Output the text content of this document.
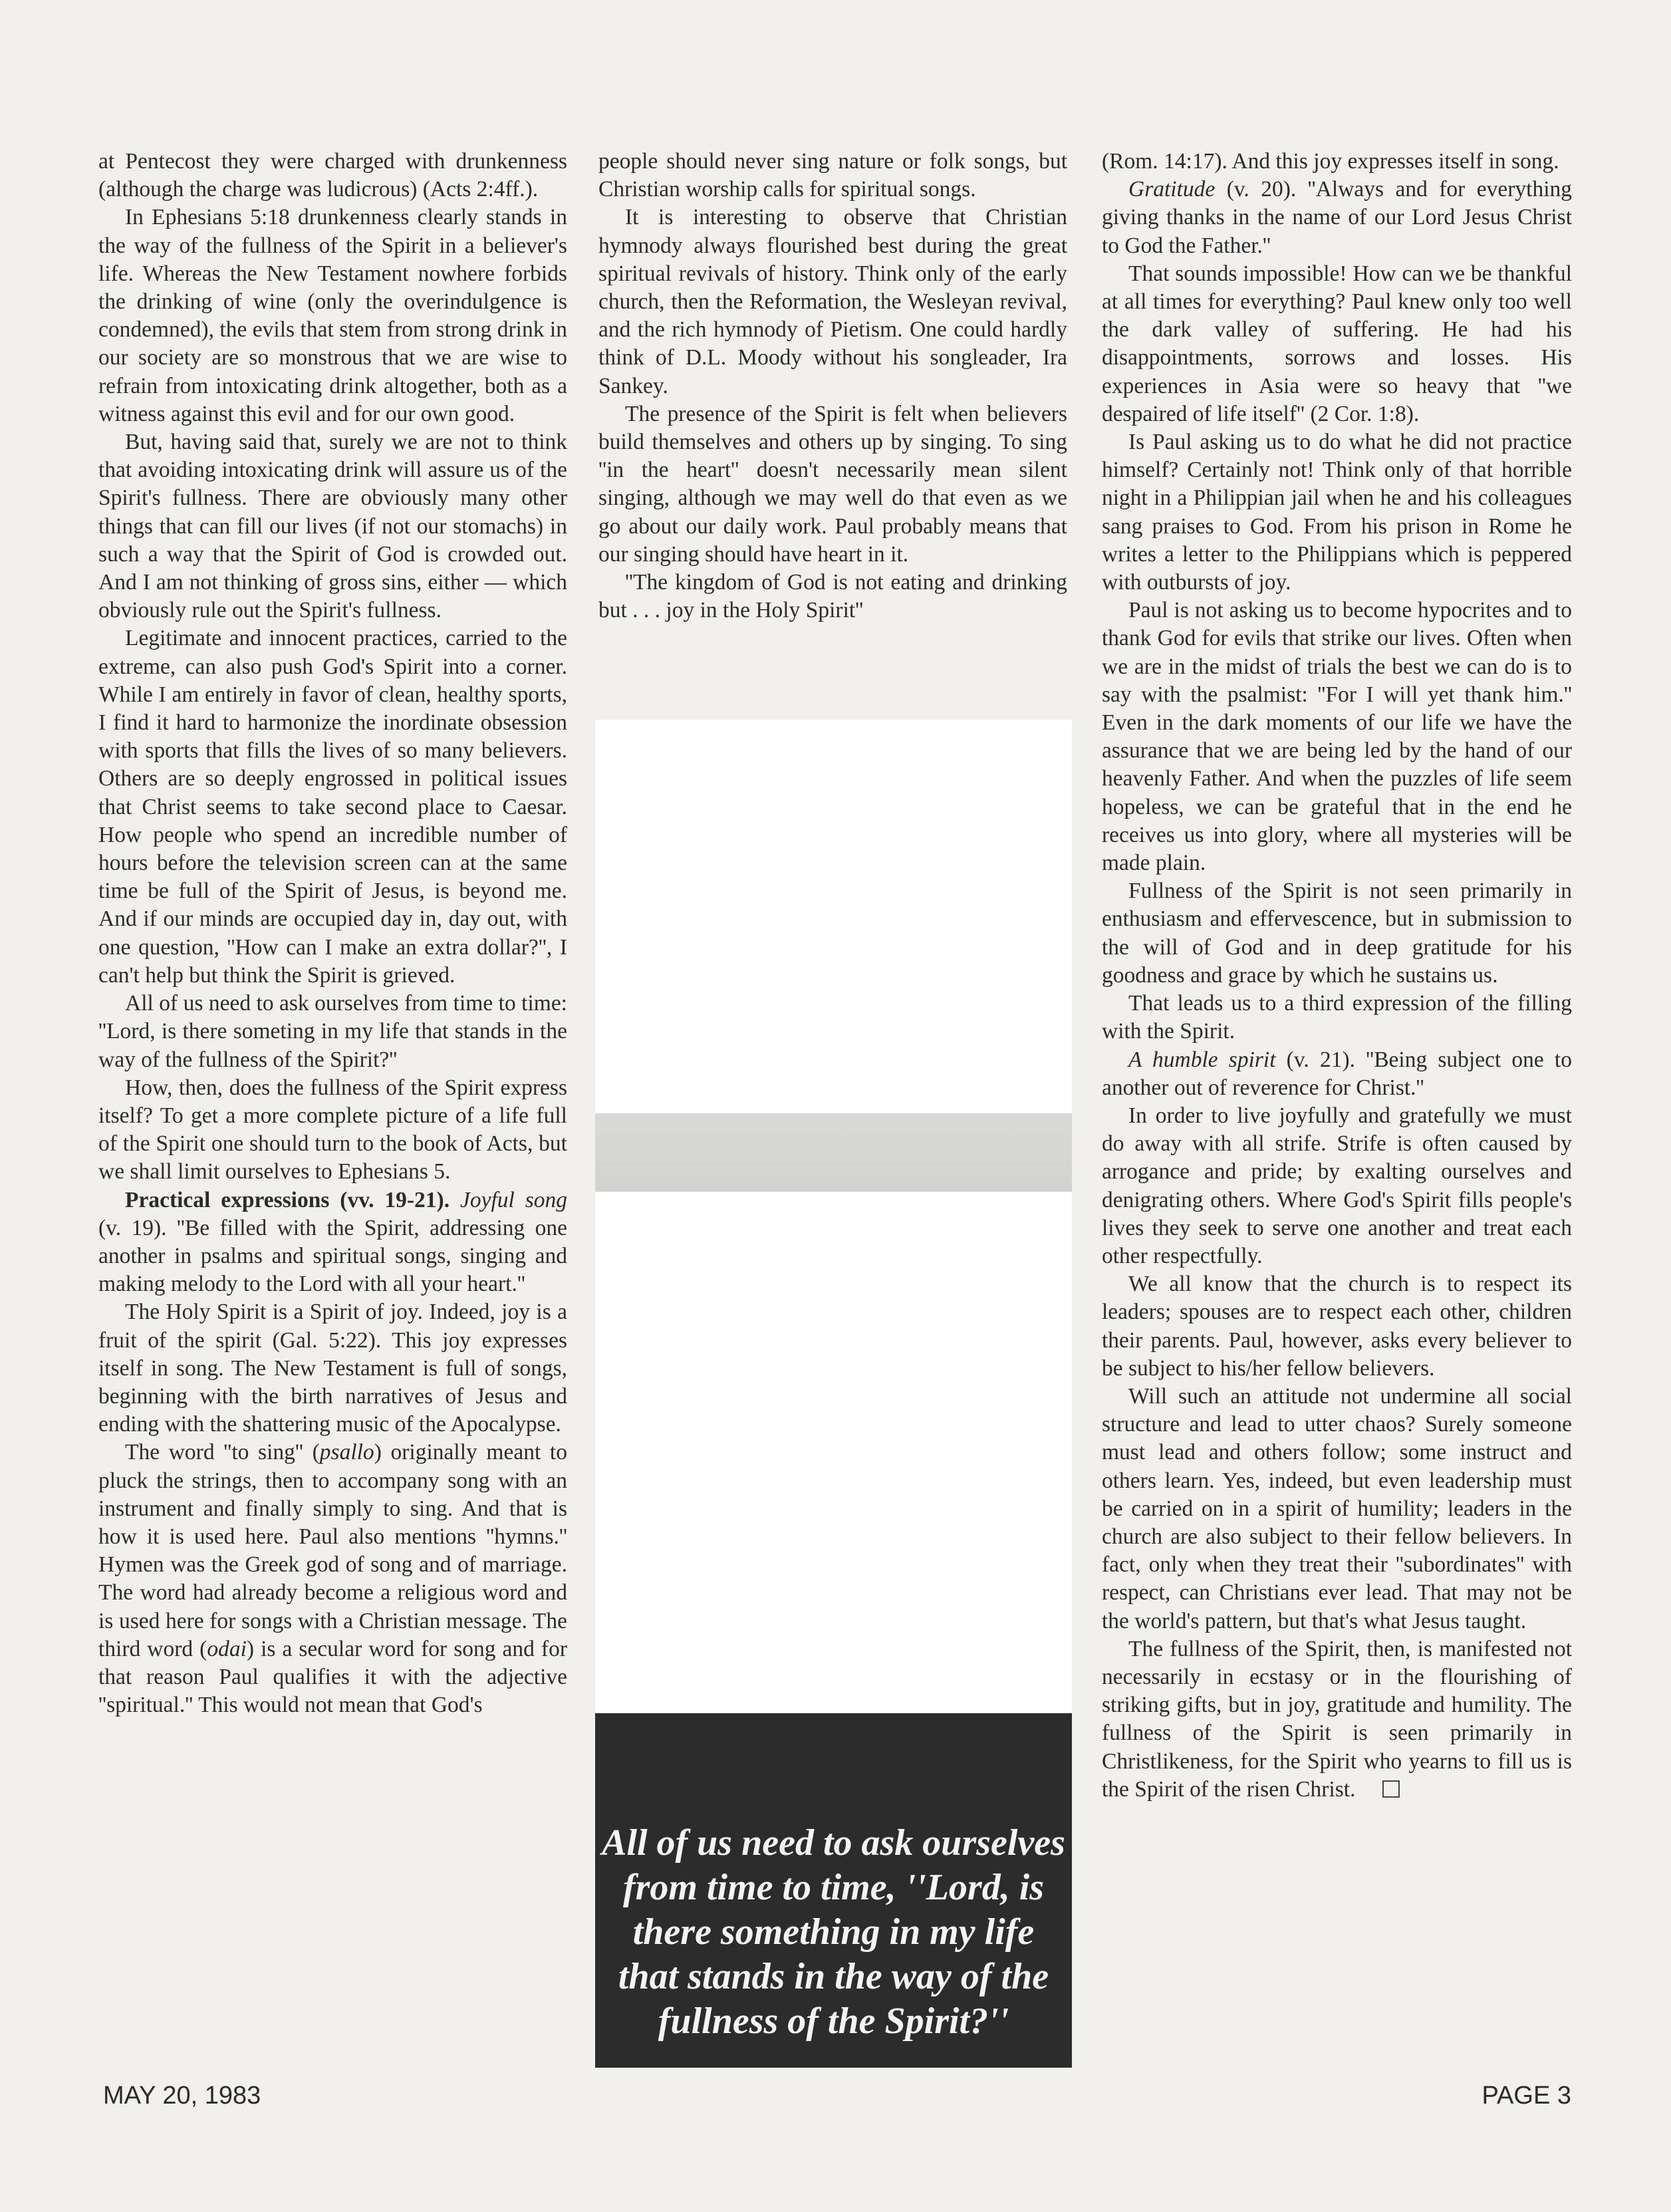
at Pentecost they were charged with drunkenness (although the charge was ludicrous) (Acts 2:4ff.).

In Ephesians 5:18 drunkenness clearly stands in the way of the fullness of the Spirit in a believer's life. Whereas the New Testament nowhere forbids the drinking of wine (only the overindulgence is condemned), the evils that stem from strong drink in our society are so monstrous that we are wise to refrain from intoxicating drink altogether, both as a witness against this evil and for our own good.

But, having said that, surely we are not to think that avoiding intoxicating drink will assure us of the Spirit's fullness. There are obviously many other things that can fill our lives (if not our stomachs) in such a way that the Spirit of God is crowded out. And I am not thinking of gross sins, either — which obviously rule out the Spirit's fullness.

Legitimate and innocent practices, carried to the extreme, can also push God's Spirit into a corner. While I am entirely in favor of clean, healthy sports, I find it hard to harmonize the inordinate obsession with sports that fills the lives of so many believers. Others are so deeply engrossed in political issues that Christ seems to take second place to Caesar. How people who spend an incredible number of hours before the television screen can at the same time be full of the Spirit of Jesus, is beyond me. And if our minds are occupied day in, day out, with one question, ''How can I make an extra dollar?'', I can't help but think the Spirit is grieved.

All of us need to ask ourselves from time to time: ''Lord, is there someting in my life that stands in the way of the fullness of the Spirit?''

How, then, does the fullness of the Spirit express itself? To get a more complete picture of a life full of the Spirit one should turn to the book of Acts, but we shall limit ourselves to Ephesians 5.

Practical expressions (vv. 19-21). Joyful song (v. 19). ''Be filled with the Spirit, addressing one another in psalms and spiritual songs, singing and making melody to the Lord with all your heart.''

The Holy Spirit is a Spirit of joy. Indeed, joy is a fruit of the spirit (Gal. 5:22). This joy expresses itself in song. The New Testament is full of songs, beginning with the birth narratives of Jesus and ending with the shattering music of the Apocalypse.

The word ''to sing'' (psallo) originally meant to pluck the strings, then to accompany song with an instrument and finally simply to sing. And that is how it is used here. Paul also mentions ''hymns.'' Hymen was the Greek god of song and of marriage. The word had already become a religious word and is used here for songs with a Christian message. The third word (odai) is a secular word for song and for that reason Paul qualifies it with the adjective ''spiritual.'' This would not mean that God's

people should never sing nature or folk songs, but Christian worship calls for spiritual songs.

It is interesting to observe that Christian hymnody always flourished best during the great spiritual revivals of history. Think only of the early church, then the Reformation, the Wesleyan revival, and the rich hymnody of Pietism. One could hardly think of D.L. Moody without his songleader, Ira Sankey.

The presence of the Spirit is felt when believers build themselves and others up by singing. To sing ''in the heart'' doesn't necessarily mean silent singing, although we may well do that even as we go about our daily work. Paul probably means that our singing should have heart in it.

''The kingdom of God is not eating and drinking but . . . joy in the Holy Spirit''

All of us need to ask ourselves from time to time, ''Lord, is there something in my life that stands in the way of the fullness of the Spirit?''

(Rom. 14:17). And this joy expresses itself in song.

Gratitude (v. 20). ''Always and for everything giving thanks in the name of our Lord Jesus Christ to God the Father.''

That sounds impossible! How can we be thankful at all times for everything? Paul knew only too well the dark valley of suffering. He had his disappointments, sorrows and losses. His experiences in Asia were so heavy that ''we despaired of life itself'' (2 Cor. 1:8).

Is Paul asking us to do what he did not practice himself? Certainly not! Think only of that horrible night in a Philippian jail when he and his colleagues sang praises to God. From his prison in Rome he writes a letter to the Philippians which is peppered with outbursts of joy.

Paul is not asking us to become hypocrites and to thank God for evils that strike our lives. Often when we are in the midst of trials the best we can do is to say with the psalmist: ''For I will yet thank him.'' Even in the dark moments of our life we have the assurance that we are being led by the hand of our heavenly Father. And when the puzzles of life seem hopeless, we can be grateful that in the end he receives us into glory, where all mysteries will be made plain.

Fullness of the Spirit is not seen primarily in enthusiasm and effervescence, but in submission to the will of God and in deep gratitude for his goodness and grace by which he sustains us.

That leads us to a third expression of the filling with the Spirit.

A humble spirit (v. 21). ''Being subject one to another out of reverence for Christ.''

In order to live joyfully and gratefully we must do away with all strife. Strife is often caused by arrogance and pride; by exalting ourselves and denigrating others. Where God's Spirit fills people's lives they seek to serve one another and treat each other respectfully.

We all know that the church is to respect its leaders; spouses are to respect each other, children their parents. Paul, however, asks every believer to be subject to his/her fellow believers.

Will such an attitude not undermine all social structure and lead to utter chaos? Surely someone must lead and others follow; some instruct and others learn. Yes, indeed, but even leadership must be carried on in a spirit of humility; leaders in the church are also subject to their fellow believers. In fact, only when they treat their ''subordinates'' with respect, can Christians ever lead. That may not be the world's pattern, but that's what Jesus taught.

The fullness of the Spirit, then, is manifested not necessarily in ecstasy or in the flourishing of striking gifts, but in joy, gratitude and humility. The fullness of the Spirit is seen primarily in Christlikeness, for the Spirit who yearns to fill us is the Spirit of the risen Christ.

MAY 20, 1983	PAGE 3
